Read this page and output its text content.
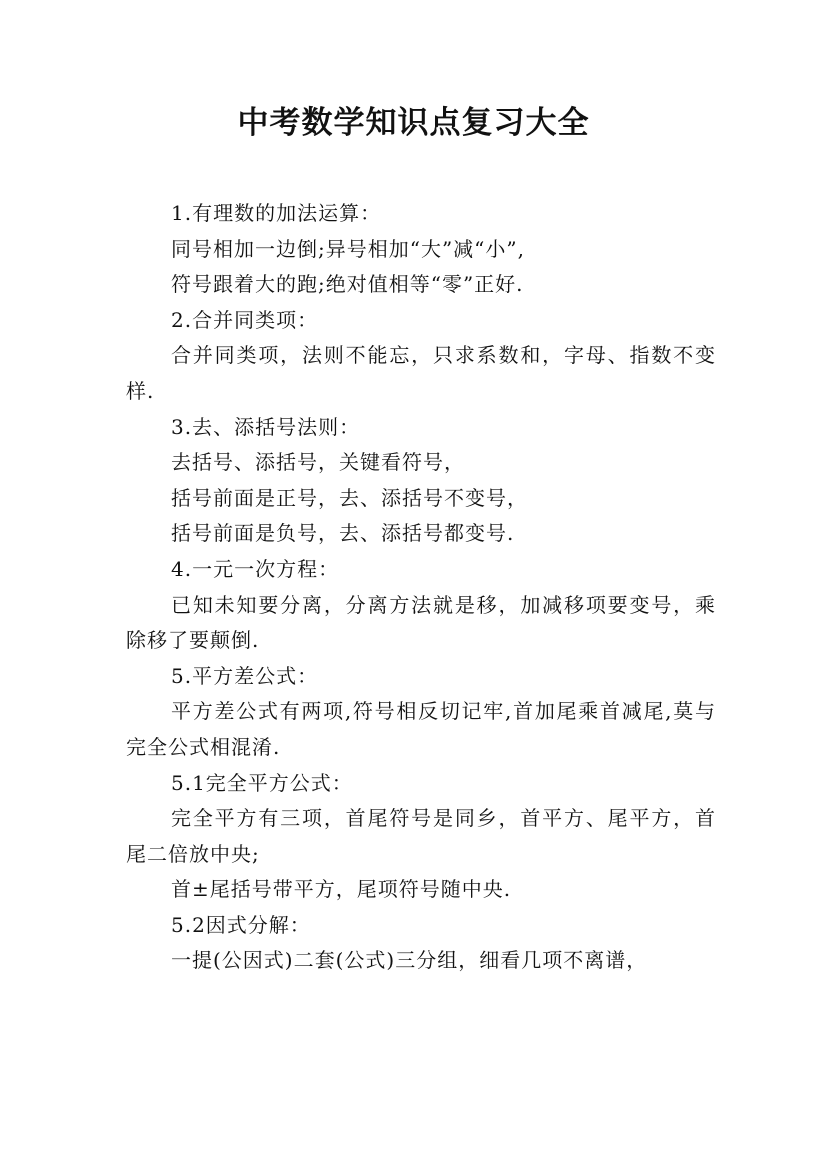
中考数学知识点复习大全

1.有理数的加法运算：

同号相加一边倒;异号相加“大”减“小”,

符号跟着大的跑;绝对值相等“零”正好.

2.合并同类项：

合并同类项，法则不能忘，只求系数和，字母、指数不变样.

3.去、添括号法则：

去括号、添括号，关键看符号，

括号前面是正号，去、添括号不变号，

括号前面是负号，去、添括号都变号.

4.一元一次方程：

已知未知要分离，分离方法就是移，加减移项要变号，乘除移了要颠倒.

5.平方差公式：

平方差公式有两项,符号相反切记牢,首加尾乘首减尾,莫与完全公式相混淆.

5.1完全平方公式：

完全平方有三项，首尾符号是同乡，首平方、尾平方，首尾二倍放中央;

首±尾括号带平方，尾项符号随中央.

5.2因式分解：

一提(公因式)二套(公式)三分组，细看几项不离谱，
